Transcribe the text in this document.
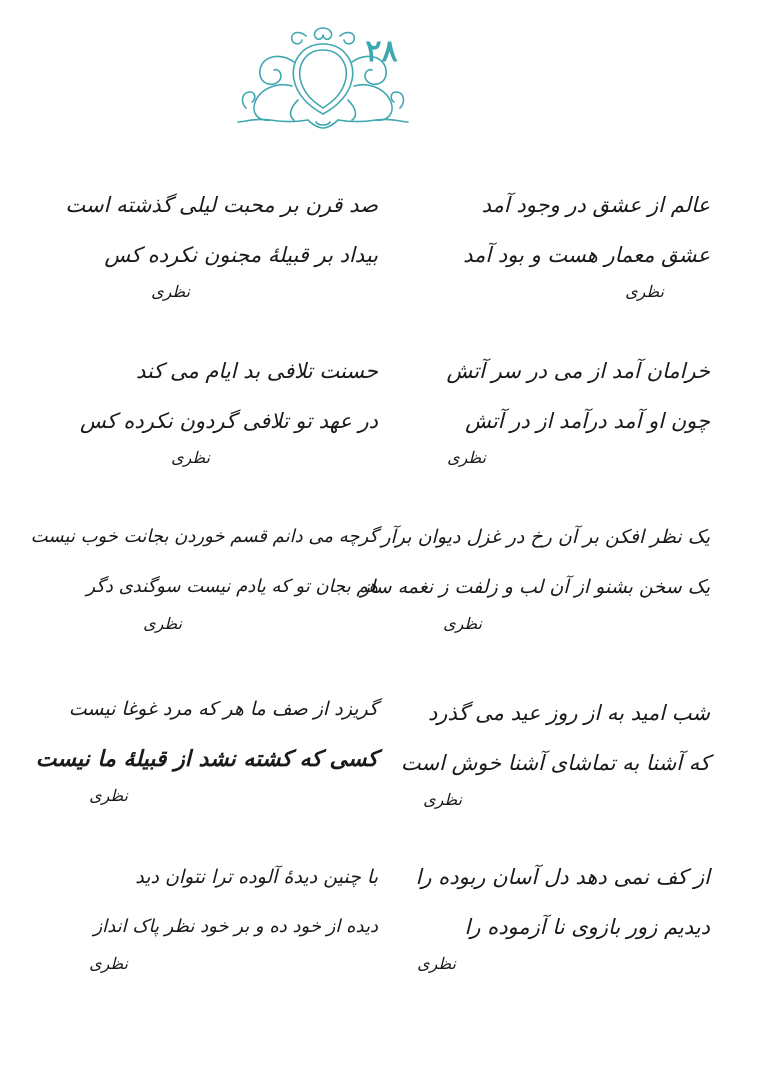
۲۸
عالم از عشق در وجود آمد
عشق معمار هست و بود آمد
نظری
صد قرن بر محبت لیلی گذشته است
بیداد بر قبیلهٔ مجنون نکرده کس
نظری
خرامان آمد از می در سر آتش
چون او آمد درآمد از در آتش
نظری
حسنت تلافی بد ایام می کند
در عهد تو تلافی گردون نکرده کس
نظری
یک نظر افکن بر آن رخ در غزل دیوان برآر
یک سخن بشنو از آن لب و زلفت ز نغمه ساز
نظری
گرچه می دانم قسم خوردن بجانت خوب نیست
هم بجان تو که یادم نیست سوگندی دگر
نظری
شب امید به از روز عید می گذرد
که آشنا به تماشای آشنا خوش است
نظری
گریزد از صف ما هر که مرد غوغا نیست
کسی که کشته نشد از قبیلهٔ ما نیست
نظری
از کف نمی دهد دل آسان ربوده را
دیدیم زور بازوی نا آزموده را
نظری
با چنین دیدهٔ آلوده ترا نتوان دید
دیده از خود ده و بر خود نظر پاک انداز
نظری
